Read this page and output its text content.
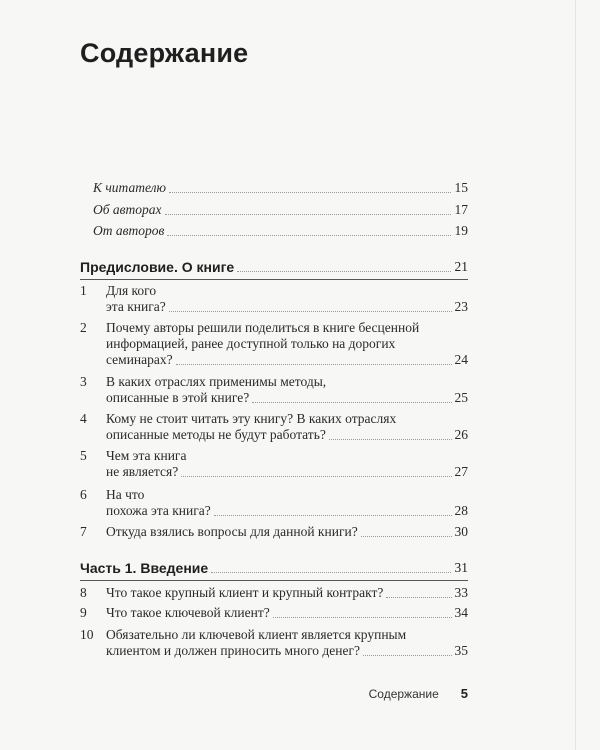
Содержание
К читателю	15
Об авторах	17
От авторов	19
Предисловие. О книге	21
1	Для кого
эта книга?	23
2	Почему авторы решили поделиться в книге бесценной
информацией, ранее доступной только на дорогих
семинарах?	24
3	В каких отраслях применимы методы,
описанные в этой книге?	25
4	Кому не стоит читать эту книгу? В каких отраслях
описанные методы не будут работать?	26
5	Чем эта книга
не является?	27
6	На что
похожа эта книга?	28
7	Откуда взялись вопросы для данной книги?	30
Часть 1. Введение	31
8	Что такое крупный клиент и крупный контракт?	33
9	Что такое ключевой клиент?	34
10 Обязательно ли ключевой клиент является крупным
клиентом и должен приносить много денег?	35
Содержание 5
